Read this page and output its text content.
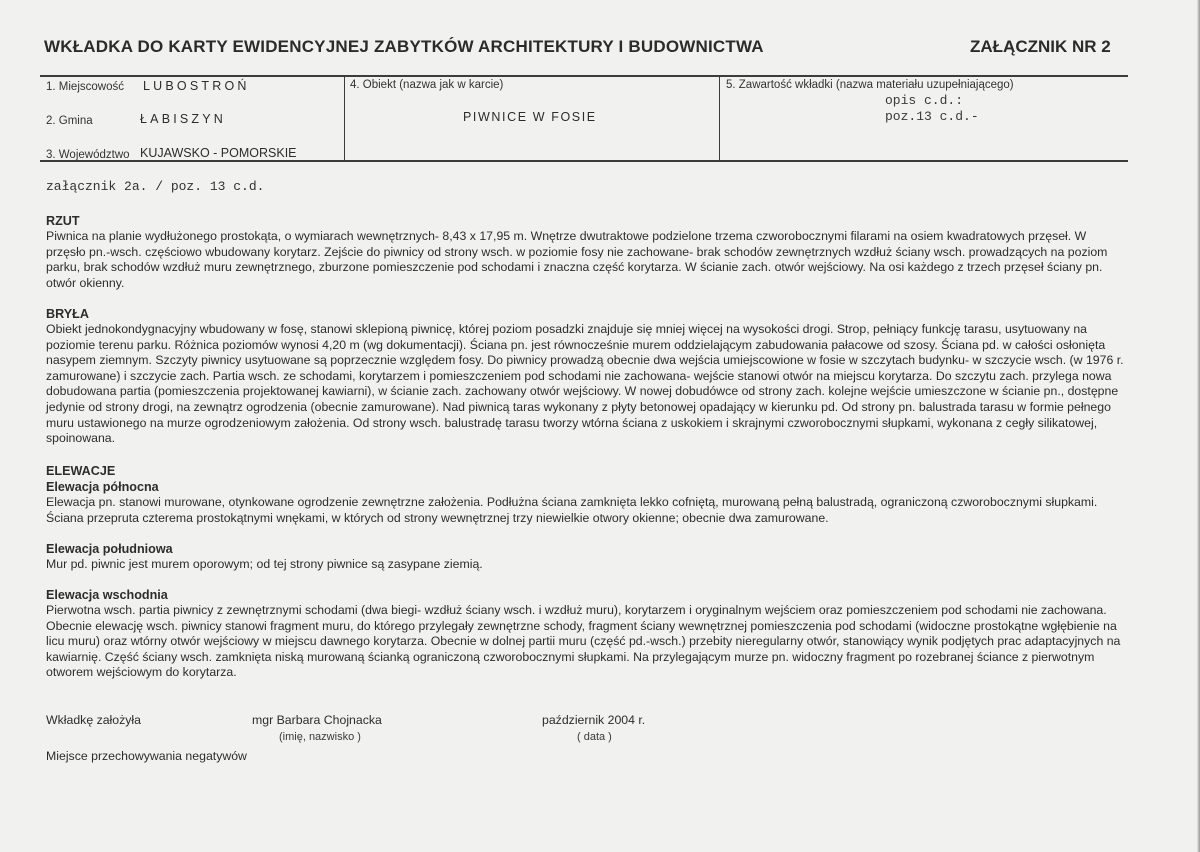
WKŁADKA DO KARTY EWIDENCYJNEJ ZABYTKÓW ARCHITEKTURY I BUDOWNICTWA	ZAŁĄCZNIK NR 2
1. Miejscowość LUBOSTROŃ
2. Gmina	ŁABISZYN
3. Województwo KUJAWSKO - POMORSKIE
4. Obiekt (nazwa jak w karcie)
PIWNICE W FOSIE
5. Zawartość wkładki (nazwa materiału uzupełniającego)
opis c.d.:
poz.13 c.d.-
załącznik 2a. / poz. 13 c.d.

RZUT

Piwnica na planie wydłużonego prostokąta, o wymiarach wewnętrznych- 8,43 x 17,95 m. Wnętrze dwutraktowe podzielone trzema czworobocznymi filarami na osiem kwadratowych przęseł. W przęsło pn.-wsch. częściowo wbudowany korytarz. Zejście do piwnicy od strony wsch. w poziomie fosy nie zachowane- brak schodów zewnętrznych wzdłuż ściany wsch. prowadzących na poziom parku, brak schodów wzdłuż muru zewnętrznego, zburzone pomieszczenie pod schodami i znaczna część korytarza. W ścianie zach. otwór wejściowy. Na osi każdego z trzech przęseł ściany pn. otwór okienny.

BRYŁA

Obiekt jednokondygnacyjny wbudowany w fosę, stanowi sklepioną piwnicę, której poziom posadzki znajduje się mniej więcej na wysokości drogi. Strop, pełniący funkcję tarasu, usytuowany na poziomie terenu parku. Różnica poziomów wynosi 4,20 m (wg dokumentacji). Ściana pn. jest równocześnie murem oddzielającym zabudowania pałacowe od szosy. Ściana pd. w całości osłonięta nasypem ziemnym. Szczyty piwnicy usytuowane są poprzecznie względem fosy. Do piwnicy prowadzą obecnie dwa wejścia umiejscowione w fosie w szczytach budynku- w szczycie wsch. (w 1976 r. zamurowane) i szczycie zach. Partia wsch. ze schodami, korytarzem i pomieszczeniem pod schodami nie zachowana- wejście stanowi otwór na miejscu korytarza. Do szczytu zach. przylega nowa dobudowana partia (pomieszczenia projektowanej kawiarni), w ścianie zach. zachowany otwór wejściowy. W nowej dobudówce od strony zach. kolejne wejście umieszczone w ścianie pn., dostępne jedynie od strony drogi, na zewnątrz ogrodzenia (obecnie zamurowane). Nad piwnicą taras wykonany z płyty betonowej opadający w kierunku pd. Od strony pn. balustrada tarasu w formie pełnego muru ustawionego na murze ogrodzeniowym założenia. Od strony wsch. balustradę tarasu tworzy wtórna ściana z uskokiem i skrajnymi czworobocznymi słupkami, wykonana z cegły silikatowej, spoinowana.

ELEWACJE

Elewacja północna

Elewacja pn. stanowi murowane, otynkowane ogrodzenie zewnętrzne założenia. Podłużna ściana zamknięta lekko cofniętą, murowaną pełną balustradą, ograniczoną czworobocznymi słupkami. Ściana przeprutа czterema prostokątnymi wnękami, w których od strony wewnętrznej trzy niewielkie otwory okienne; obecnie dwa zamurowane.

Elewacja południowa

Mur pd. piwnic jest murem oporowym; od tej strony piwnice są zasypane ziemią.

Elewacja wschodnia

Pierwotna wsch. partia piwnicy z zewnętrznymi schodami (dwa biegi- wzdłuż ściany wsch. i wzdłuż muru), korytarzem i oryginalnym wejściem oraz pomieszczeniem pod schodami nie zachowana. Obecnie elewację wsch. piwnicy stanowi fragment muru, do którego przylegały zewnętrzne schody, fragment ściany wewnętrznej pomieszczenia pod schodami (widoczne prostokątne wgłębienie na licu muru) oraz wtórny otwór wejściowy w miejscu dawnego korytarza. Obecnie w dolnej partii muru (część pd.-wsch.) przebity nieregularny otwór, stanowiący wynik podjętych prac adaptacyjnych na kawiarnię. Część ściany wsch. zamknięta niską murowaną ścianką ograniczoną czworobocznymi słupkami. Na przylegającym murze pn. widoczny fragment po rozebranej ściance z pierwotnym otworem wejściowym do korytarza.

Wkładkę założyła	mgr Barbara Chojnacka
(imię, nazwisko )
październik 2004 r.
( data )
Miejsce przechowywania negatywów
